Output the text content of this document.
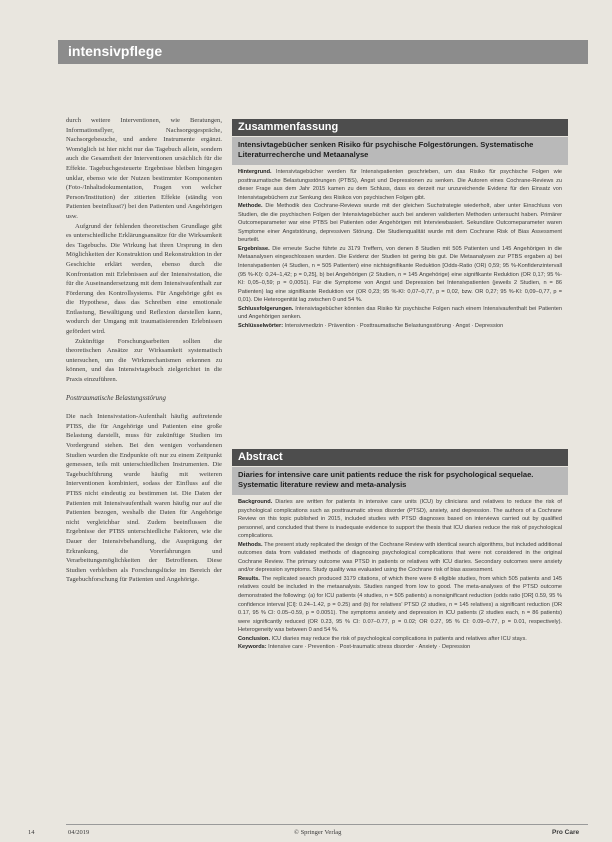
intensivpflege

durch weitere Interventionen, wie Beratungen, Informationsflyer, Nachsorgegespräche, Nachsorgebesuche, und andere Instrumente ergänzt. Womöglich ist hier nicht nur das Tagebuch allein, sondern auch die Gesamtheit der Interventionen ursächlich für die Effekte. Tagebuchgesteuerte Ergebnisse bleiben hingegen unklar, ebenso wie der Nutzen bestimmter Komponenten (Foto-/Inhaltsdokumentation, Fragen von welcher Person/Institution) der zitierten Effekte (ständig von Patienten beeinflusst?) bei den Patienten und Angehörigen usw.

Aufgrund der fehlenden theoretischen Grundlage gibt es unterschiedliche Erklärungsansätze für die Wirksamkeit des Tagebuchs. Die Wirkung hat ihren Ursprung in den Möglichkeiten der Konstruktion und Rekonstruktion in der Geschichte erklärt werden, ebenso durch die Konfrontation mit Erlebnissen auf der Intensivstation, die für die Auseinandersetzung mit dem Intensivaufenthalt zur Förderung des Kontrollsystems. Für Angehörige gibt es die Hypothese, dass das Schreiben eine emotionale Entlastung, Bewältigung und Reflexion darstellen kann, wodurch der Umgang mit traumatisierenden Erlebnissen gefördert wird.

Zukünftige Forschungsarbeiten sollten die theoretischen Ansätze zur Wirksamkeit systematisch untersuchen, um die Wirkmechanismen erkennen zu können, und das Intensivtagebuch zielgerichtet in die Praxis einzuführen.

Posttraumatische Belastungsstörung

Die nach Intensivstation-Aufenthalt häufig auftretende PTBS, die für Angehörige und Patienten eine große Belastung darstellt, muss für zukünftige Studien im Vordergrund stehen. Bei den wenigen vorhandenen Studien wurden die Endpunkte oft nur zu einem Zeitpunkt gemessen, teils mit unterschiedlichen Instrumenten. Die Tagebuchführung wurde häufig mit weiteren Interventionen kombiniert, sodass der Einfluss auf die PTBS nicht eindeutig zu bestimmen ist. Die Daten der Patienten mit Intensivaufenthalt waren häufig nur auf die Patienten bezogen, weshalb die Daten für Angehörige nicht vergleichbar sind. Zudem beeinflussen die Ergebnisse der PTBS unterschiedliche Faktoren, wie die Dauer der Intensivbehandlung, die Ausprägung der Erkrankung, die Vorerfahrungen und Verarbeitungsmöglichkeiten der Betroffenen. Diese Studien verbleiben als Forschungslücke im Bereich der Tagebuchforschung für Patienten und Angehörige.

Zusammenfassung
Intensivtagebücher senken Risiko für psychische Folgestörungen. Systematische Literaturrecherche und Metaanalyse

Hintergrund. Intensivtagebücher werden für Intensivpatienten geschrieben, um das Risiko für psychische Folgen wie posttraumatische Belastungsstörungen (PTBS), Angst und Depressionen zu senken. Die Autoren eines Cochrane-Reviews zu dieser Frage aus dem Jahr 2015 kamen zu dem Schluss, dass es derzeit nur unzureichende Evidenz für den Einsatz von Intensivtagebüchern zur Senkung des Risikos von psychischen Folgen gibt.

Methode. Die Methodik des Cochrane-Reviews wurde mit der gleichen Suchstrategie wiederholt, aber unter Einschluss von Studien, die die psychischen Folgen der Intensivtagebücher auch bei anderen validierten Methoden untersucht haben. Primärer Outcomeparameter war eine PTBS bei Patienten oder Angehörigen mit Interviewbasiert. Sekundäre Outcomeparameter waren Symptome einer Angststörung, depressiven Störung. Die Studienqualität wurde mit dem Cochrane Risk of Bias Assessment beurteilt.

Ergebnisse. Die erneute Suche führte zu 3179 Treffern, von denen 8 Studien mit 505 Patienten und 145 Angehörigen in die Metaanalysen eingeschlossen wurden. Die Evidenz der Studien ist gering bis gut. Die Metaanalysen zur PTBS ergaben a) bei Intensivpatienten (4 Studien, n = 505 Patienten) eine nichtsignifikante Reduktion [Odds-Ratio (OR) 0,59; 95 %-Konfidenzintervall (95 %-KI): 0,24–1,42; p = 0,25], b) bei Angehörigen (2 Studien, n = 145 Angehörige) eine signifikante Reduktion (OR 0,17; 95 %-KI: 0,05–0,59; p = 0,0051). Für die Symptome von Angst und Depression bei Intensivpatienten (jeweils 2 Studien, n = 86 Patienten) lag eine signifikante Reduktion vor (OR 0,23; 95 %-KI: 0,07–0,77, p = 0,02, bzw. OR 0,27; 95 %-KI: 0,09–0,77, p = 0,01). Die Heterogenität lag zwischen 0 und 54 %.

Schlussfolgerungen. Intensivtagebücher könnten das Risiko für psychische Folgen nach einem Intensivaufenthalt bei Patienten und Angehörigen senken.

Schlüsselwörter: Intensivmedizin · Prävention · Posttraumatische Belastungsstörung · Angst · Depression

Abstract
Diaries for intensive care unit patients reduce the risk for psychological sequelae. Systematic literature review and meta-analysis

Background. Diaries are written for patients in intensive care units (ICU) by clinicians and relatives to reduce the risk of psychological complications such as posttraumatic stress disorder (PTSD), anxiety, and depression. The authors of a Cochrane Review on this topic published in 2015, included studies with PTSD diagnoses based on interviews carried out by qualified personnel, and concluded that there is inadequate evidence to support the thesis that ICU diaries reduce the risk of psychological complications.

Methods. The present study replicated the design of the Cochrane Review with identical search algorithms, but included additional outcomes data from validated methods of diagnosing psychological complications that were not considered in the original Cochrane Review. The primary outcome was PTSD in patients or relatives with ICU diaries. Secondary outcomes were anxiety and/or depression symptoms. Study quality was evaluated using the Cochrane risk of bias assessment.

Results. The replicated search produced 3179 citations, of which there were 8 eligible studies, from which 505 patients and 145 relatives could be included in the metaanalysis. Studies ranged from low to good. The meta-analyses of the PTSD outcome demonstrated the following: (a) for ICU patients (4 studies, n = 505 patients) a nonsignificant reduction (odds ratio [OR] 0.59, 95 % confidence interval [CI]: 0.24–1.42, p = 0.25) and (b) for relatives' PTSD (2 studies, n = 145 relatives) a significant reduction (OR 0.17, 95 % CI: 0.05–0.59, p = 0.0051). The symptoms anxiety and depression in ICU patients (2 studies each, n = 86 patients) were significantly reduced (OR 0.23, 95 % CI: 0.07–0.77, p = 0.02; OR 0.27, 95 % CI: 0.09–0.77, p = 0.01, respectively). Heterogeneity was between 0 and 54 %.

Conclusion. ICU diaries may reduce the risk of psychological complications in patients and relatives after ICU stays.

Keywords: Intensive care · Prevention · Post-traumatic stress disorder · Anxiety · Depression

14	04/2019	© Springer Verlag	Pro Care
